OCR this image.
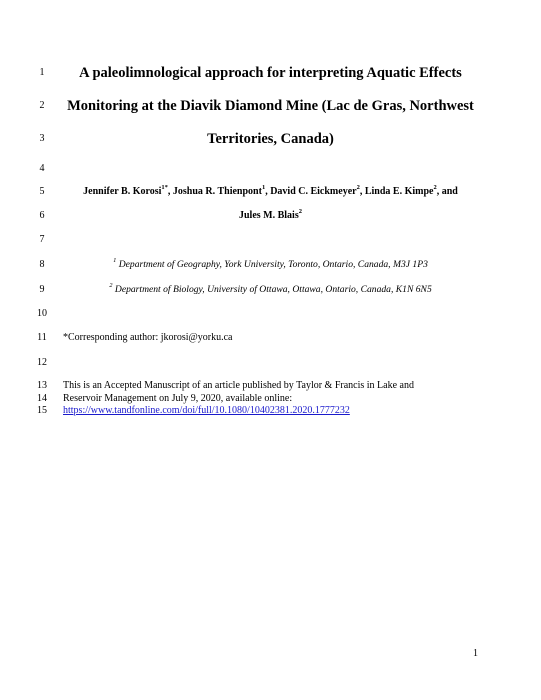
1
2
3
4
5
6
7
8
9
10
11
12
13
14
15
A paleolimnological approach for interpreting Aquatic Effects
Monitoring at the Diavik Diamond Mine (Lac de Gras, Northwest
Territories, Canada)
Jennifer B. Korosi$^{1*}$, Joshua R. Thienpont$^1$, David C. Eickmeyer$^2$, Linda E. Kimpe$^2$, and
Jules M. Blais$^2$
$^1$ Department of Geography, York University, Toronto, Ontario, Canada, M3J 1P3
$^2$ Department of Biology, University of Ottawa, Ottawa, Ontario, Canada, K1N 6N5
*Corresponding author: jkorosi@yorku.ca
This is an Accepted Manuscript of an article published by Taylor & Francis in Lake and
Reservoir Management on July 9, 2020, available online:
https://www.tandfonline.com/doi/full/10.1080/10402381.2020.1777232
1
